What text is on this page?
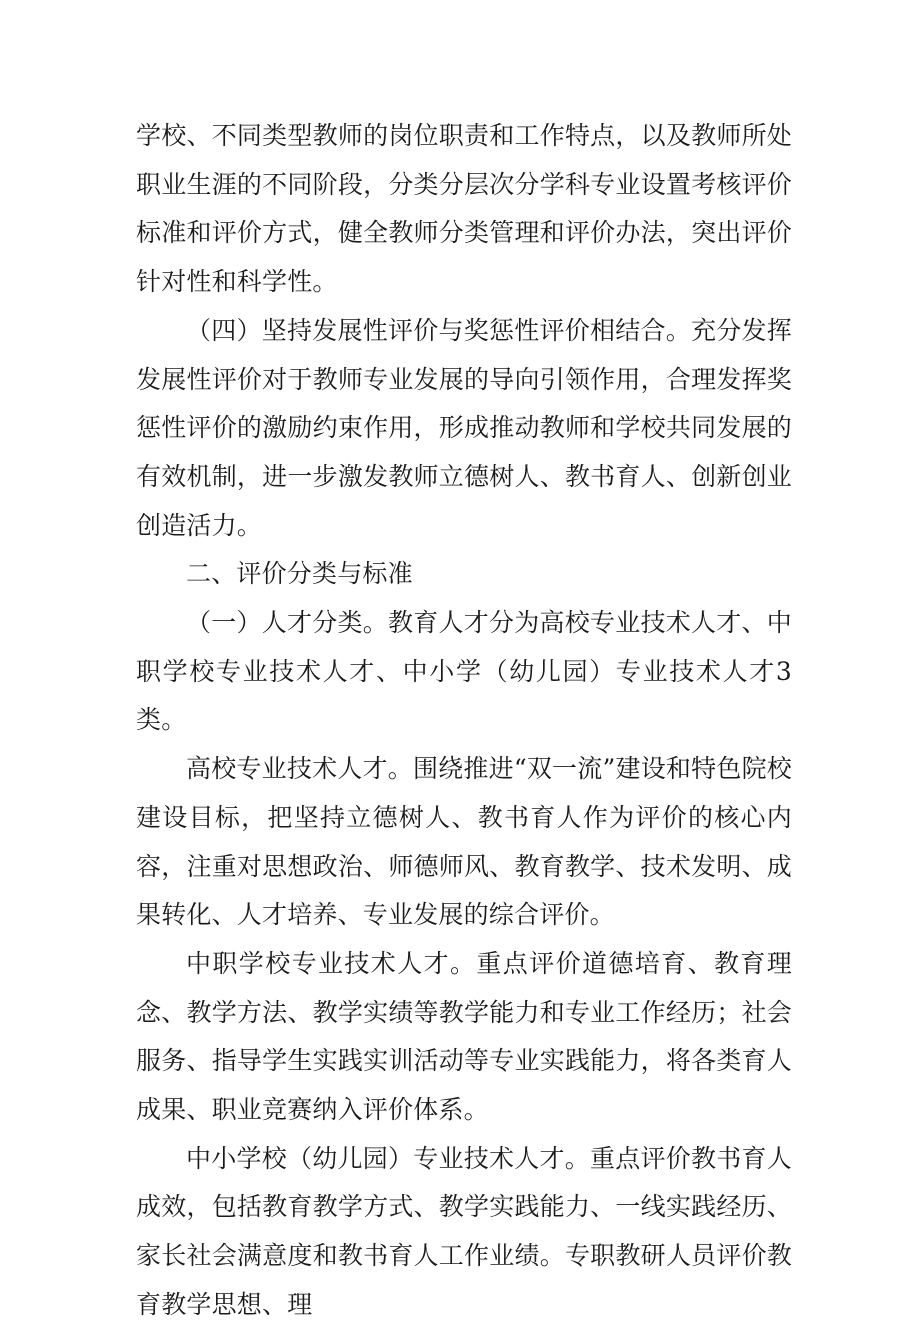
学校、不同类型教师的岗位职责和工作特点，以及教师所处职业生涯的不同阶段，分类分层次分学科专业设置考核评价标准和评价方式，健全教师分类管理和评价办法，突出评价针对性和科学性。

（四）坚持发展性评价与奖惩性评价相结合。充分发挥发展性评价对于教师专业发展的导向引领作用，合理发挥奖惩性评价的激励约束作用，形成推动教师和学校共同发展的有效机制，进一步激发教师立德树人、教书育人、创新创业创造活力。

二、评价分类与标准

（一）人才分类。教育人才分为高校专业技术人才、中职学校专业技术人才、中小学（幼儿园）专业技术人才3类。

高校专业技术人才。围绕推进“双一流”建设和特色院校建设目标，把坚持立德树人、教书育人作为评价的核心内容，注重对思想政治、师德师风、教育教学、技术发明、成果转化、人才培养、专业发展的综合评价。

中职学校专业技术人才。重点评价道德培育、教育理念、教学方法、教学实绩等教学能力和专业工作经历；社会服务、指导学生实践实训活动等专业实践能力，将各类育人成果、职业竞赛纳入评价体系。

中小学校（幼儿园）专业技术人才。重点评价教书育人成效，包括教育教学方式、教学实践能力、一线实践经历、家长社会满意度和教书育人工作业绩。专职教研人员评价教育教学思想、理
